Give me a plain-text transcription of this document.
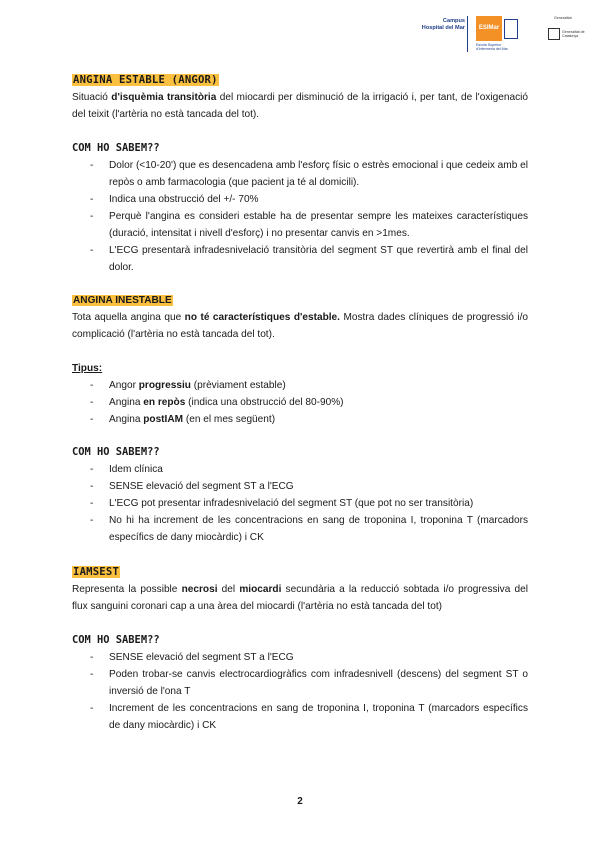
Campus Hospital del Mar	ESIMar
Escola Superior d'Infermeria del Mar
Generalitat
Generalitat de Catalunya

ANGINA ESTABLE (ANGOR)

Situació d'isquèmia transitòria del miocardi per disminució de la irrigació i, per tant, de l'oxigenació del teixit (l'artèria no està tancada del tot).

COM HO SABEM??

- Dolor (<10-20') que es desencadena amb l'esforç físic o estrès emocional i que cedeix amb el repòs o amb farmacologia (que pacient ja té al domicili).
- Indica una obstrucció del +/- 70%
- Perquè l'angina es consideri estable ha de presentar sempre les mateixes característiques (duració, intensitat i nivell d'esforç) i no presentar canvis en >1mes.
- L'ECG presentarà infradesnivelació transitòria del segment ST que revertirà amb el final del dolor.

ANGINA INESTABLE

Tota aquella angina que no té característiques d'estable. Mostra dades clíniques de progressió i/o complicació (l'artèria no està tancada del tot).

Tipus:

- Angor progressiu (prèviament estable)
- Angina en repòs (indica una obstrucció del 80-90%)
- Angina postIAM (en el mes següent)

COM HO SABEM??

- Idem clínica
- SENSE elevació del segment ST a l'ECG
- L'ECG pot presentar infradesnivelació del segment ST (que pot no ser transitòria)
- No hi ha increment de les concentracions en sang de troponina I, troponina T (marcadors específics de dany miocàrdic) i CK

IAMSEST

Representa la possible necrosi del miocardi secundària a la reducció sobtada i/o progressiva del flux sanguini coronari cap a una àrea del miocardi (l'artèria no està tancada del tot)

COM HO SABEM??

- SENSE elevació del segment ST a l'ECG
- Poden trobar-se canvis electrocardiogràfics com infradesnivell (descens) del segment ST o inversió de l'ona T
- Increment de les concentracions en sang de troponina I, troponina T (marcadors específics de dany miocàrdic) i CK
2
